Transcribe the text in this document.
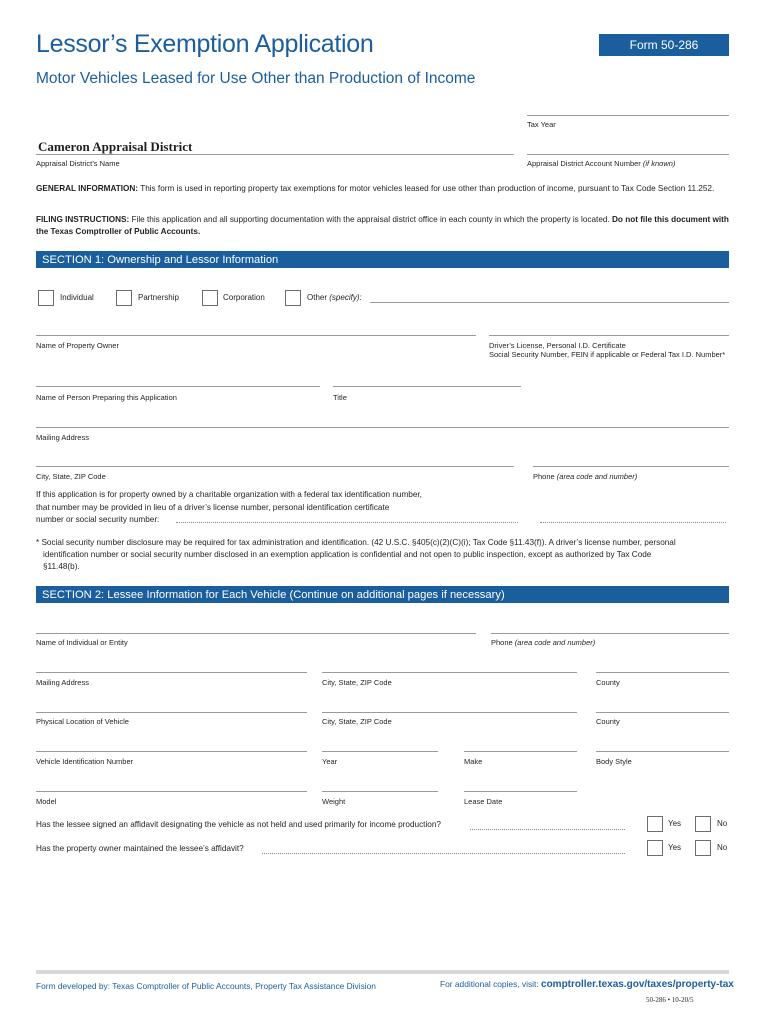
Lessor’s Exemption Application	Form 50-286
Motor Vehicles Leased for Use Other than Production of Income
Tax Year
Cameron Appraisal District
Appraisal District’s Name	Appraisal District Account Number (if known)
GENERAL INFORMATION: This form is used in reporting property tax exemptions for motor vehicles leased for use other than production of income, pursuant to Tax Code Section 11.252.
FILING INSTRUCTIONS: File this application and all supporting documentation with the appraisal district office in each county in which the property is located. Do not file this document with the Texas Comptroller of Public Accounts.
SECTION 1: Ownership and Lessor Information
Individual	Partnership	Corporation	Other (specify):
Name of Property Owner	Driver’s License, Personal I.D. Certificate
Social Security Number, FEIN if applicable or Federal Tax I.D. Number*
Name of Person Preparing this Application	Title
Mailing Address
City, State, ZIP Code	Phone (area code and number)
If this application is for property owned by a charitable organization with a federal tax identification number,
that number may be provided in lieu of a driver’s license number, personal identification certificate
number or social security number:
* Social security number disclosure may be required for tax administration and identification. (42 U.S.C. §405(c)(2)(C)(i); Tax Code §11.43(f)). A driver’s license number, personal
identification number or social security number disclosed in an exemption application is confidential and not open to public inspection, except as authorized by Tax Code
§11.48(b).
SECTION 2: Lessee Information for Each Vehicle (Continue on additional pages if necessary)
Name of Individual or Entity	Phone (area code and number)
Mailing Address	City, State, ZIP Code	County
Physical Location of Vehicle	City, State, ZIP Code	County
Vehicle Identification Number	Year	Make	Body Style
Model	Weight	Lease Date
Has the lessee signed an affidavit designating the vehicle as not held and used primarily for income production?	Yes	No
Has the property owner maintained the lessee’s affidavit?	Yes	No
Form developed by: Texas Comptroller of Public Accounts, Property Tax Assistance Division	For additional copies, visit: comptroller.texas.gov/taxes/property-tax
50-286 • 10-20/5
